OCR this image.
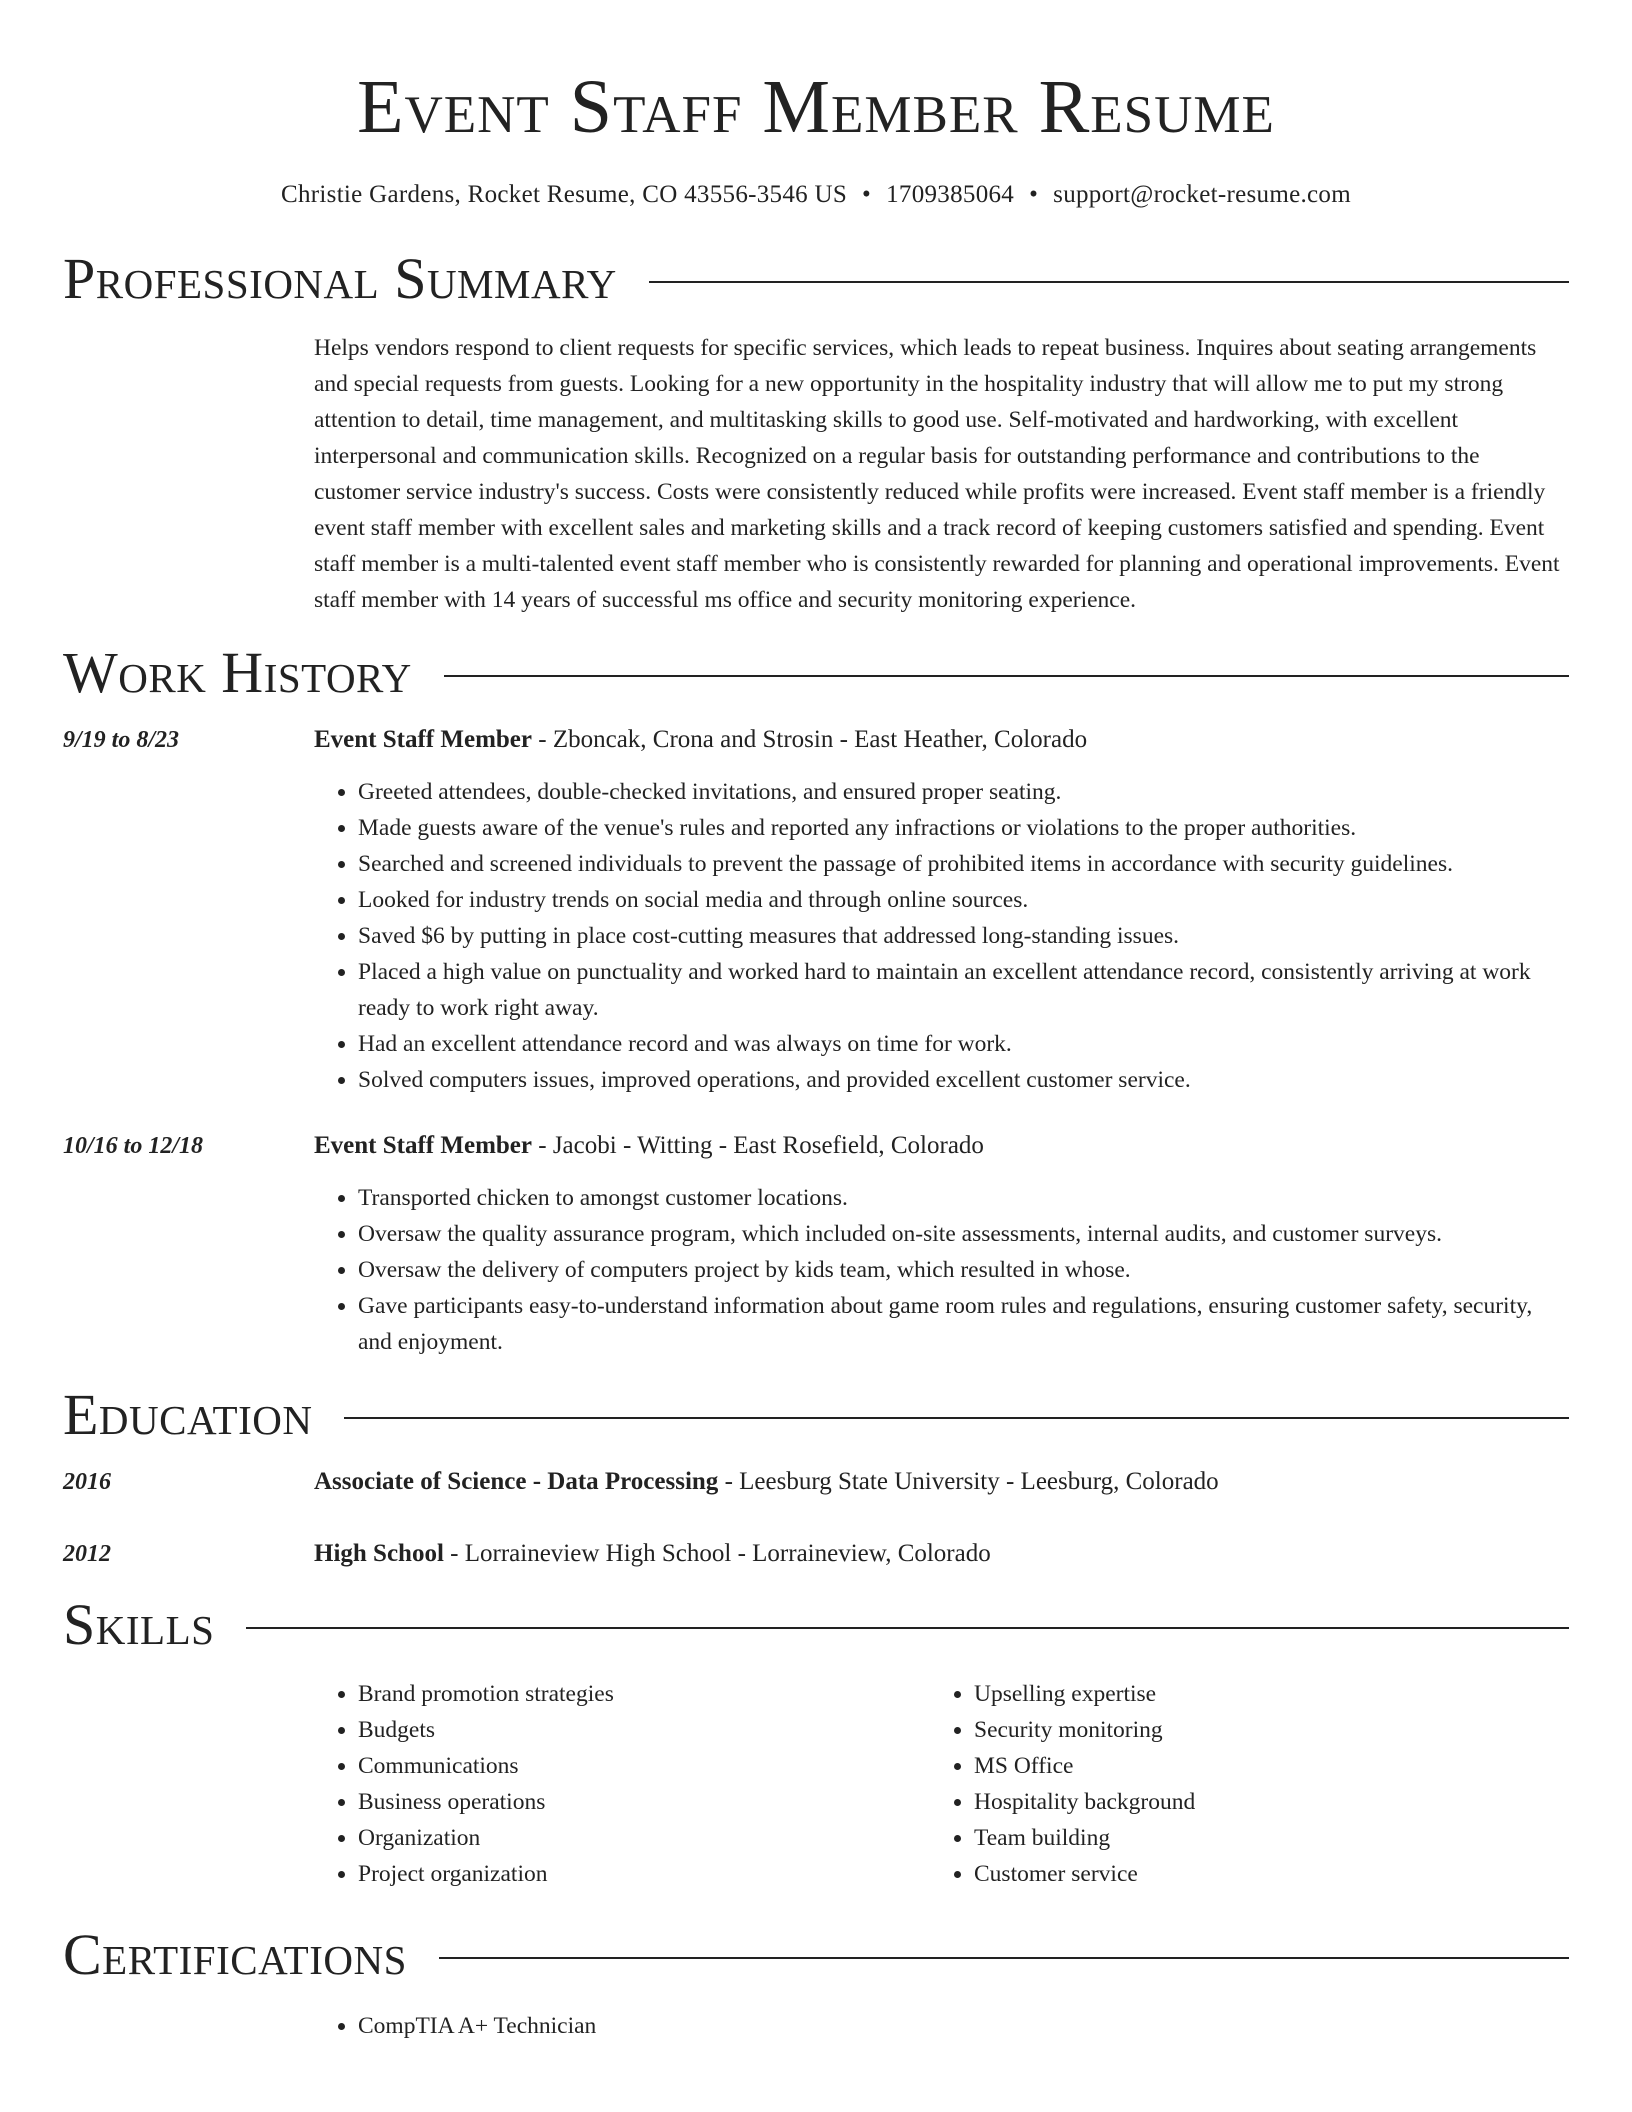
Event Staff Member Resume
Christie Gardens, Rocket Resume, CO 43556-3546 US • 1709385064 • support@rocket-resume.com
Professional Summary
Helps vendors respond to client requests for specific services, which leads to repeat business. Inquires about seating arrangements and special requests from guests. Looking for a new opportunity in the hospitality industry that will allow me to put my strong attention to detail, time management, and multitasking skills to good use. Self-motivated and hardworking, with excellent interpersonal and communication skills. Recognized on a regular basis for outstanding performance and contributions to the customer service industry's success. Costs were consistently reduced while profits were increased. Event staff member is a friendly event staff member with excellent sales and marketing skills and a track record of keeping customers satisfied and spending. Event staff member is a multi-talented event staff member who is consistently rewarded for planning and operational improvements. Event staff member with 14 years of successful ms office and security monitoring experience.
Work History
9/19 to 8/23	Event Staff Member - Zboncak, Crona and Strosin - East Heather, Colorado
• Greeted attendees, double-checked invitations, and ensured proper seating.
• Made guests aware of the venue's rules and reported any infractions or violations to the proper authorities.
• Searched and screened individuals to prevent the passage of prohibited items in accordance with security guidelines.
• Looked for industry trends on social media and through online sources.
• Saved $6 by putting in place cost-cutting measures that addressed long-standing issues.
• Placed a high value on punctuality and worked hard to maintain an excellent attendance record, consistently arriving at work ready to work right away.
• Had an excellent attendance record and was always on time for work.
• Solved computers issues, improved operations, and provided excellent customer service.
10/16 to 12/18	Event Staff Member - Jacobi - Witting - East Rosefield, Colorado
• Transported chicken to amongst customer locations.
• Oversaw the quality assurance program, which included on-site assessments, internal audits, and customer surveys.
• Oversaw the delivery of computers project by kids team, which resulted in whose.
• Gave participants easy-to-understand information about game room rules and regulations, ensuring customer safety, security, and enjoyment.
Education
2016	Associate of Science - Data Processing - Leesburg State University - Leesburg, Colorado
2012	High School - Lorraineview High School - Lorraineview, Colorado
Skills
• Brand promotion strategies
• Budgets
• Communications
• Business operations
• Organization
• Project organization
• Upselling expertise
• Security monitoring
• MS Office
• Hospitality background
• Team building
• Customer service
Certifications
• CompTIA A+ Technician
